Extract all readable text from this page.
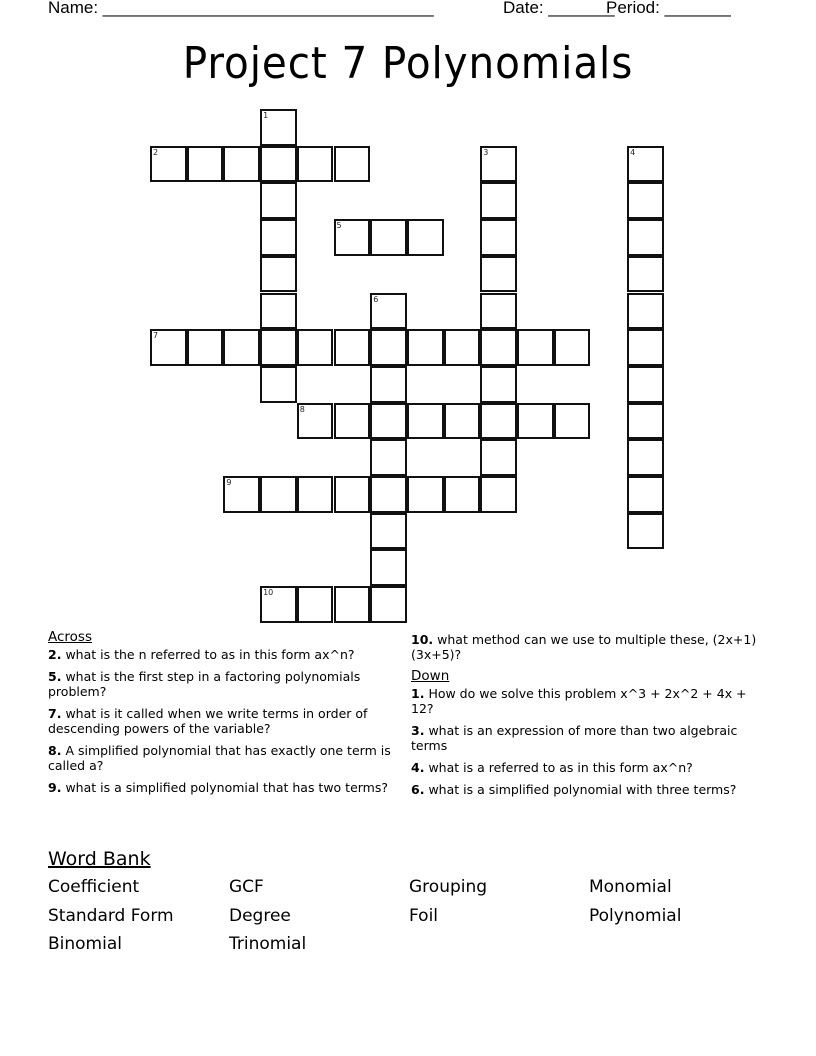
Name: ___________________________________	Date: _______
Period: _______
Project 7 Polynomials
1
2	3	4
5
6
7
8
9
10
Across
2. what is the n referred to as in this form ax^n?
5. what is the first step in a factoring polynomials problem?
7. what is it called when we write terms in order of descending powers of the variable?
8. A simplified polynomial that has exactly one term is called a?
9. what is a simplified polynomial that has two terms?
10. what method can we use to multiple these, (2x+1)(3x+5)?
Down
1. How do we solve this problem x^3 + 2x^2 + 4x + 12?
3. what is an expression of more than two algebraic terms
4. what is a referred to as in this form ax^n?
6. what is a simplified polynomial with three terms?
Word Bank
Coefficient	GCF	Grouping	Monomial
Standard Form	Degree	Foil	Polynomial
Binomial	Trinomial
